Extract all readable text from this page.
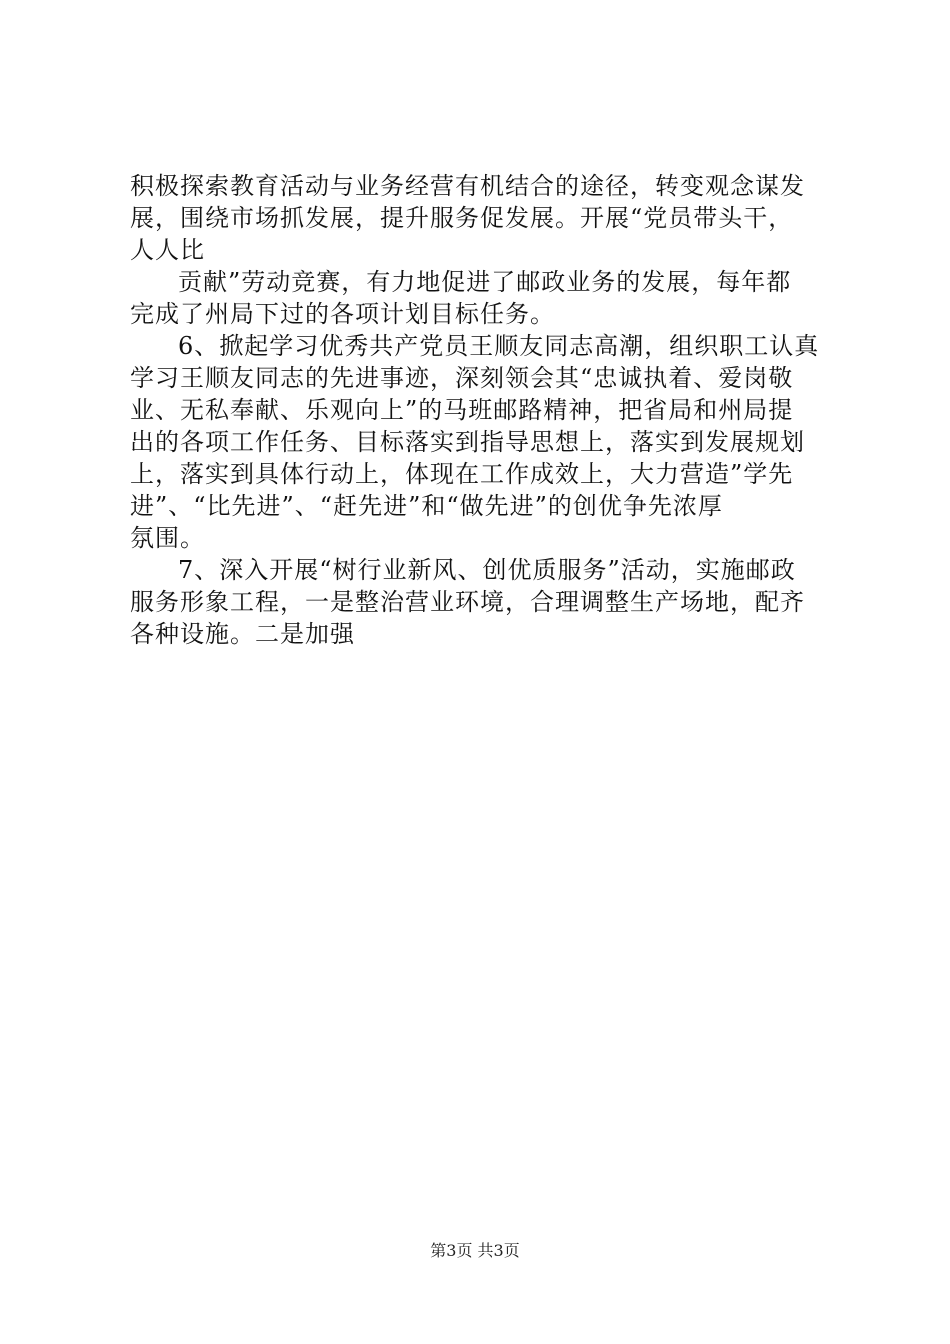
积极探索教育活动与业务经营有机结合的途径，转变观念谋发
展，围绕市场抓发展，提升服务促发展。开展“党员带头干，
人人比

贡献”劳动竞赛，有力地促进了邮政业务的发展，每年都
完成了州局下过的各项计划目标任务。

6、掀起学习优秀共产党员王顺友同志高潮，组织职工认真
学习王顺友同志的先进事迹，深刻领会其“忠诚执着、爱岗敬
业、无私奉献、乐观向上”的马班邮路精神，把省局和州局提
出的各项工作任务、目标落实到指导思想上，落实到发展规划
上，落实到具体行动上，体现在工作成效上，大力营造”学先
进”、“比先进”、“赶先进”和“做先进”的创优争先浓厚
氛围。

7、深入开展“树行业新风、创优质服务”活动，实施邮政
服务形象工程，一是整治营业环境，合理调整生产场地，配齐
各种设施。二是加强

第3页 共3页
